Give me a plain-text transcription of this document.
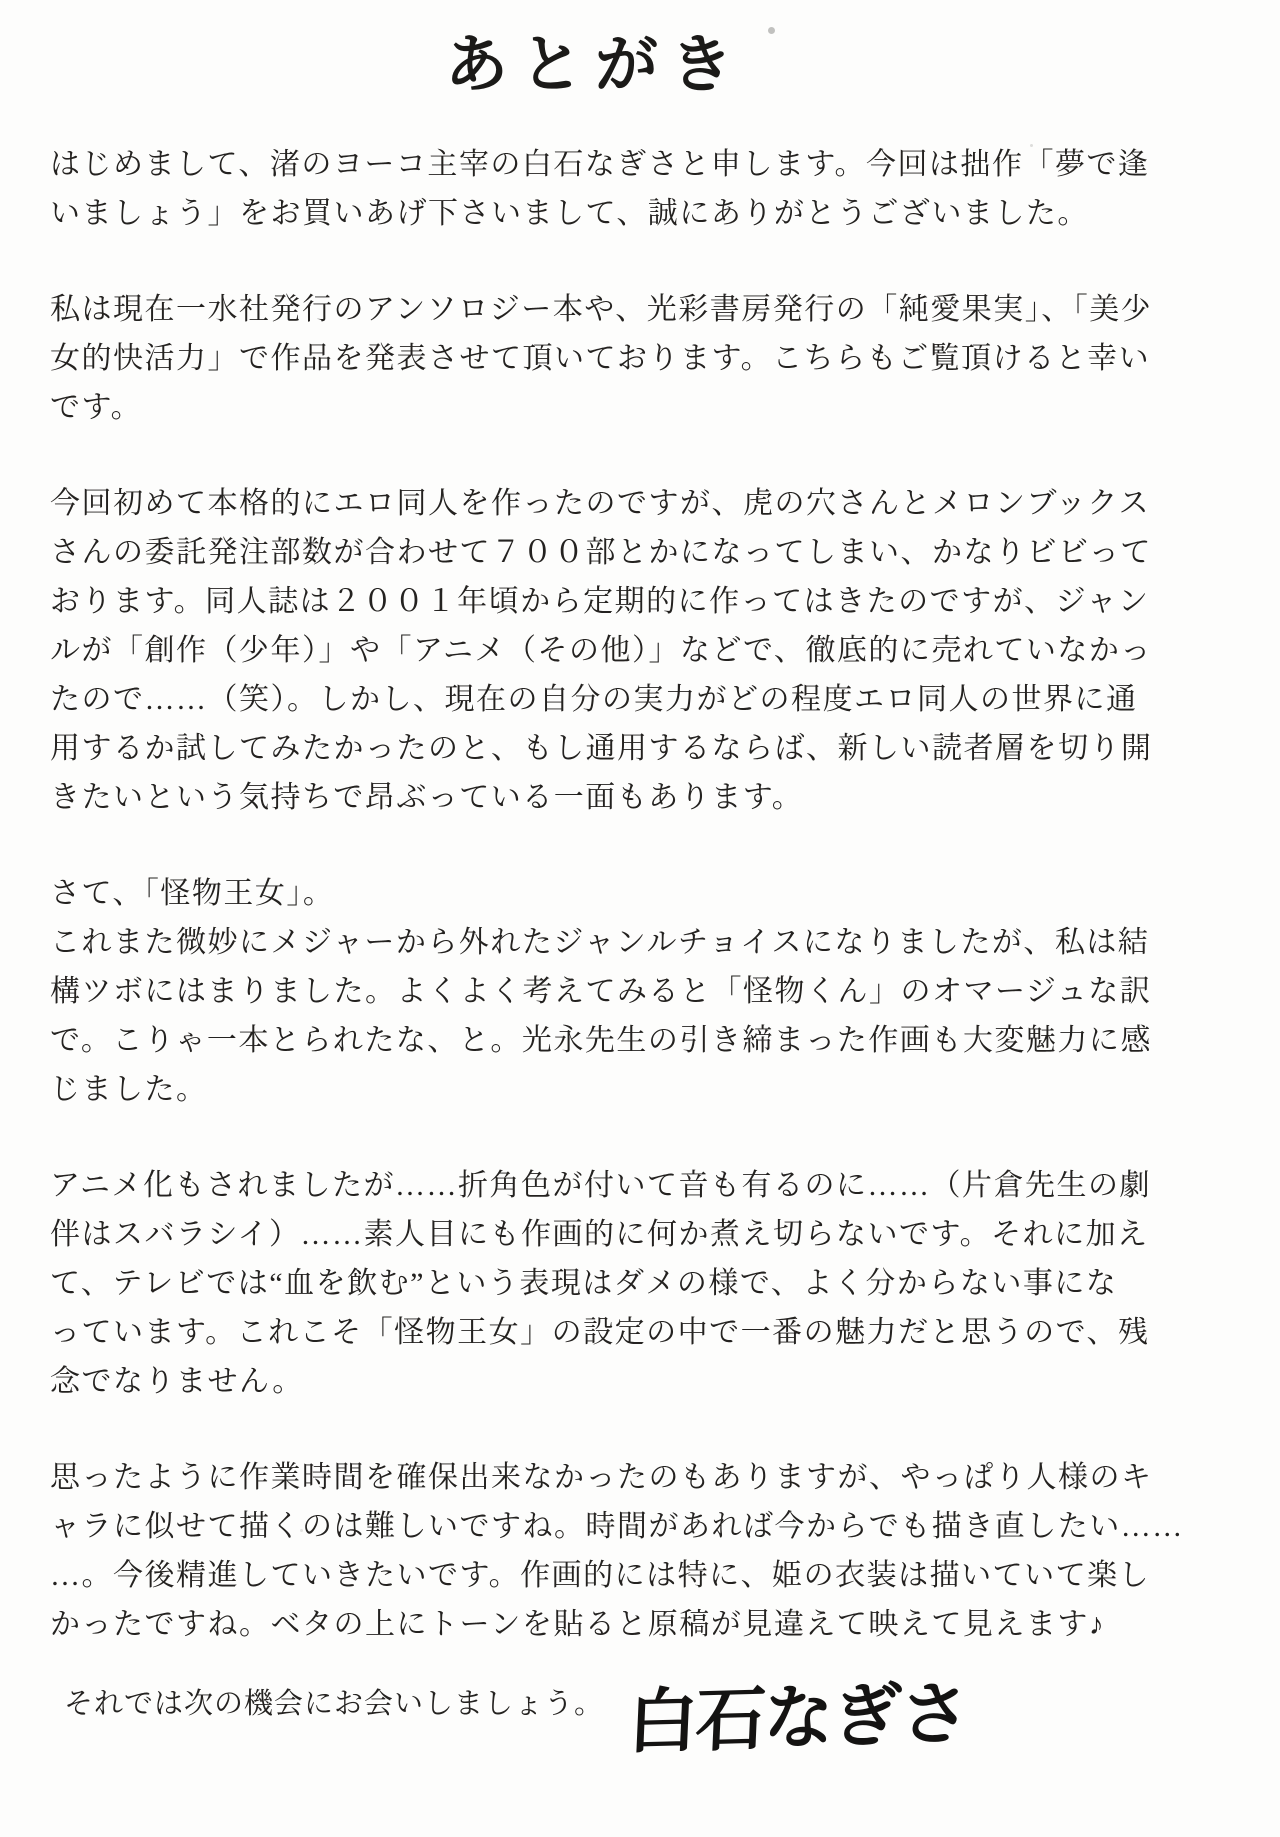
あとがき
はじめまして、渚のヨーコ主宰の白石なぎさと申します。今回は拙作「夢で逢
いましょう」をお買いあげ下さいまして、誠にありがとうございました。
私は現在一水社発行のアンソロジー本や、光彩書房発行の「純愛果実」、「美少
女的快活力」で作品を発表させて頂いております。こちらもご覧頂けると幸い
です。
今回初めて本格的にエロ同人を作ったのですが、虎の穴さんとメロンブックス
さんの委託発注部数が合わせて７００部とかになってしまい、かなりビビって
おります。同人誌は２００１年頃から定期的に作ってはきたのですが、ジャン
ルが「創作（少年）」や「アニメ（その他）」などで、徹底的に売れていなかっ
たので……（笑）。しかし、現在の自分の実力がどの程度エロ同人の世界に通
用するか試してみたかったのと、もし通用するならば、新しい読者層を切り開
きたいという気持ちで昂ぶっている一面もあります。
さて、「怪物王女」。
これまた微妙にメジャーから外れたジャンルチョイスになりましたが、私は結
構ツボにはまりました。よくよく考えてみると「怪物くん」のオマージュな訳
で。こりゃ一本とられたな、と。光永先生の引き締まった作画も大変魅力に感
じました。
アニメ化もされましたが……折角色が付いて音も有るのに……（片倉先生の劇
伴はスバラシイ）……素人目にも作画的に何か煮え切らないです。それに加え
て、テレビでは“血を飲む”という表現はダメの様で、よく分からない事にな
っています。これこそ「怪物王女」の設定の中で一番の魅力だと思うので、残
念でなりません。
思ったように作業時間を確保出来なかったのもありますが、やっぱり人様のキ
ャラに似せて描くのは難しいですね。時間があれば今からでも描き直したい……
…。今後精進していきたいです。作画的には特に、姫の衣装は描いていて楽し
かったですね。ベタの上にトーンを貼ると原稿が見違えて映えて見えます♪
それでは次の機会にお会いしましょう。 白石なぎさ
